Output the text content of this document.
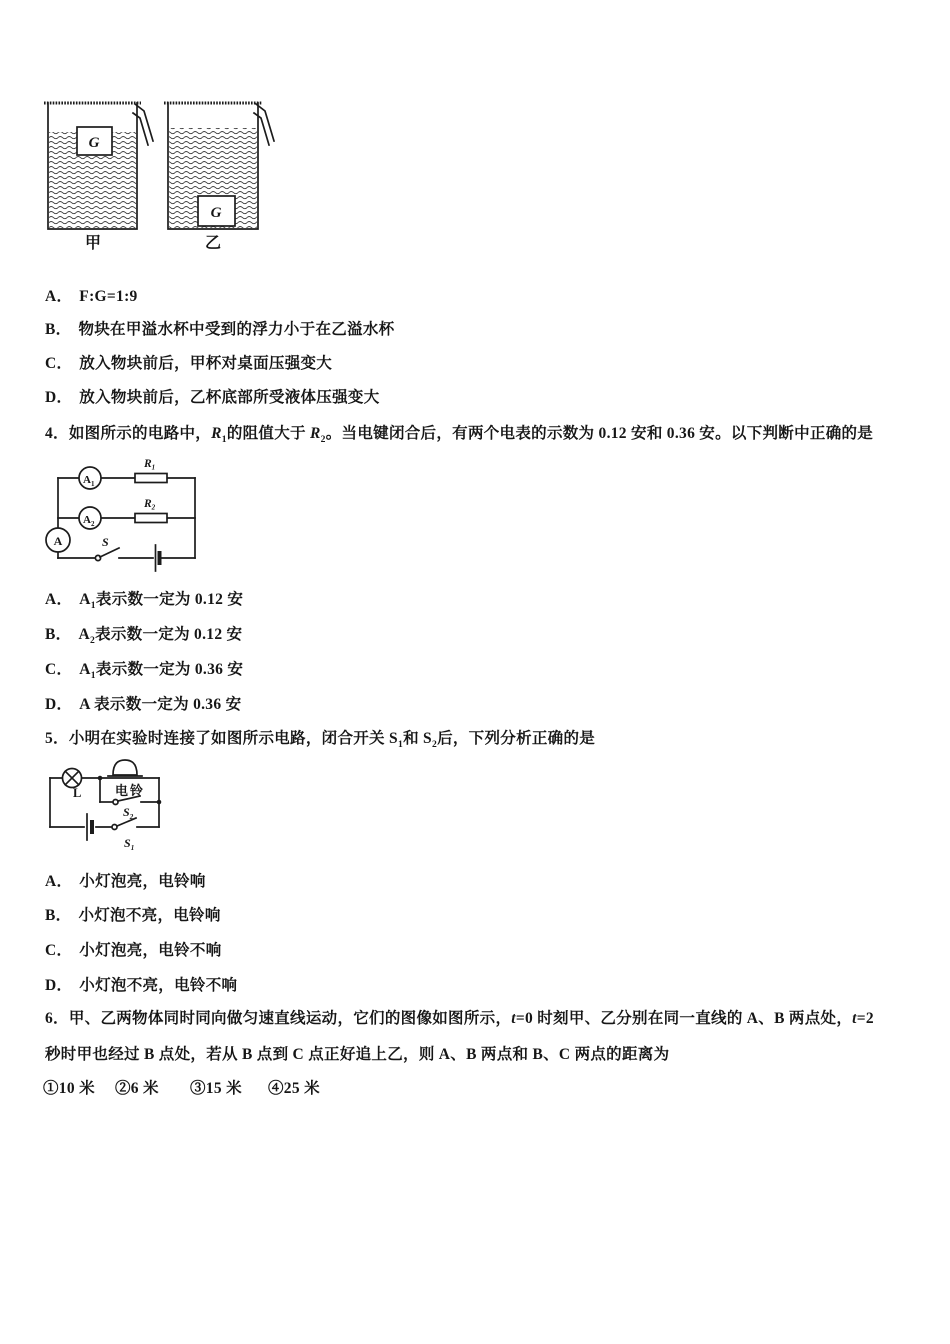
G
甲
G
乙
A． F:G=1:9
B． 物块在甲溢水杯中受到的浮力小于在乙溢水杯
C． 放入物块前后，甲杯对桌面压强变大
D． 放入物块前后，乙杯底部所受液体压强变大
4．如图所示的电路中，$R_1$的阻值大于 $R_2$。当电键闭合后，有两个电表的示数为 0.12 安和 0.36 安。以下判断中正确的是
$A_1$
$A_2$
A
$R_1$
$R_2$
S
A． $A_1$表示数一定为 0.12 安
B． $A_2$表示数一定为 0.12 安
C． $A_1$表示数一定为 0.36 安
D． A 表示数一定为 0.36 安
5．小明在实验时连接了如图所示电路，闭合开关 $S_1$和 $S_2$后，下列分析正确的是
L	电铃
$S_2$
$S_1$
A． 小灯泡亮，电铃响
B． 小灯泡不亮，电铃响
C． 小灯泡亮，电铃不响
D． 小灯泡不亮，电铃不响
6．甲、乙两物体同时同向做匀速直线运动，它们的图像如图所示，t=0 时刻甲、乙分别在同一直线的 A、B 两点处，t=2
秒时甲也经过 B 点处，若从 B 点到 C 点正好追上乙，则 A、B 两点和 B、C 两点的距离为
①10 米 ②6 米 ③15 米 ④25 米
